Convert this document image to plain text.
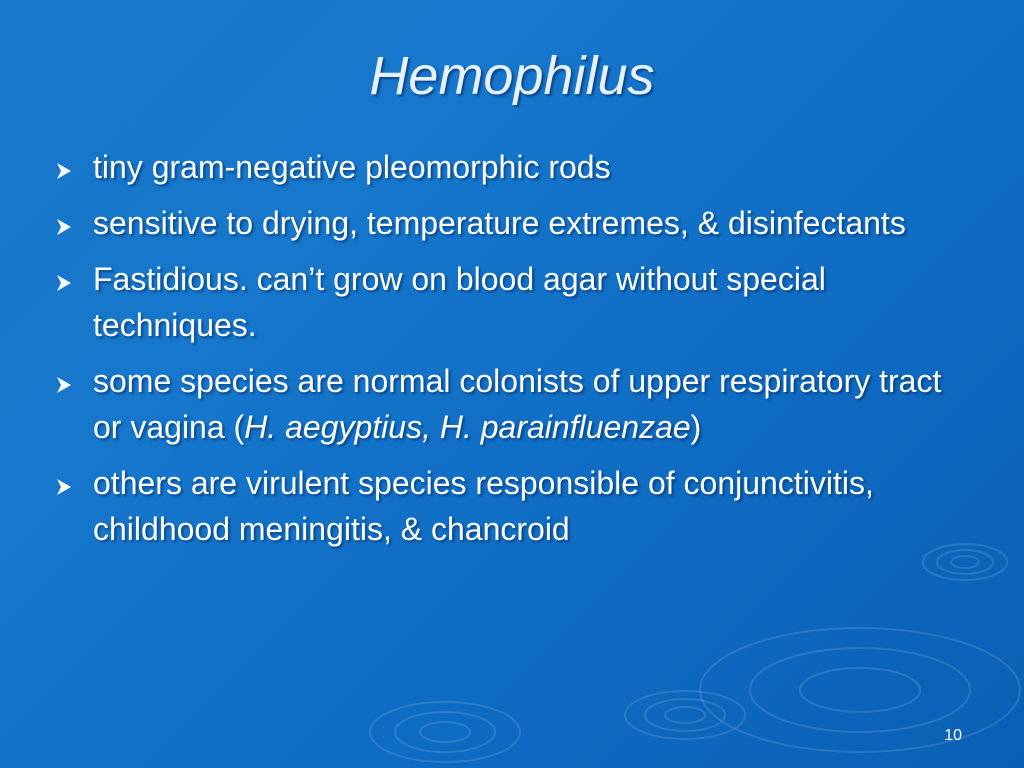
Hemophilus
tiny gram-negative pleomorphic rods
sensitive to drying, temperature extremes, & disinfectants
Fastidious. can’t grow on blood agar without special techniques.
some species are normal colonists of upper respiratory tract or vagina (H. aegyptius, H. parainfluenzae)
others are virulent species responsible of conjunctivitis, childhood meningitis, & chancroid
10
